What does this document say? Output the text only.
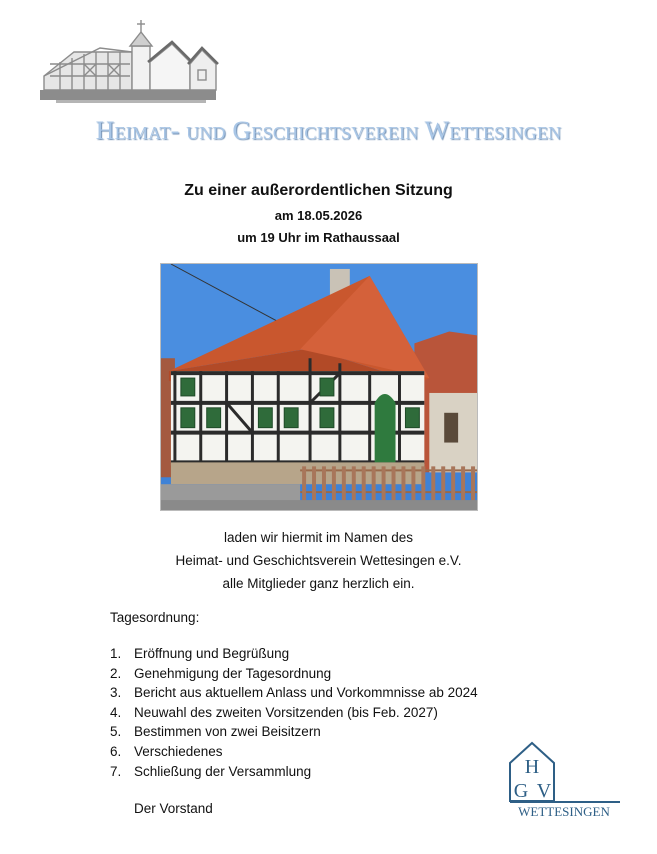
Heimat- und Geschichtsverein Wettesingen
Zu einer außerordentlichen Sitzung
am 18.05.2026
um 19 Uhr im Rathaussaal
laden wir hiermit im Namen des
Heimat- und Geschichtsverein Wettesingen e.V.
alle Mitglieder ganz herzlich ein.
Tagesordnung:
1. Eröffnung und Begrüßung
2. Genehmigung der Tagesordnung
3. Bericht aus aktuellem Anlass und Vorkommnisse ab 2024
4. Neuwahl des zweiten Vorsitzenden (bis Feb. 2027)
5. Bestimmen von zwei Beisitzern
6. Verschiedenes
7. Schließung der Versammlung
Der Vorstand
H
G V
WETTESINGEN
